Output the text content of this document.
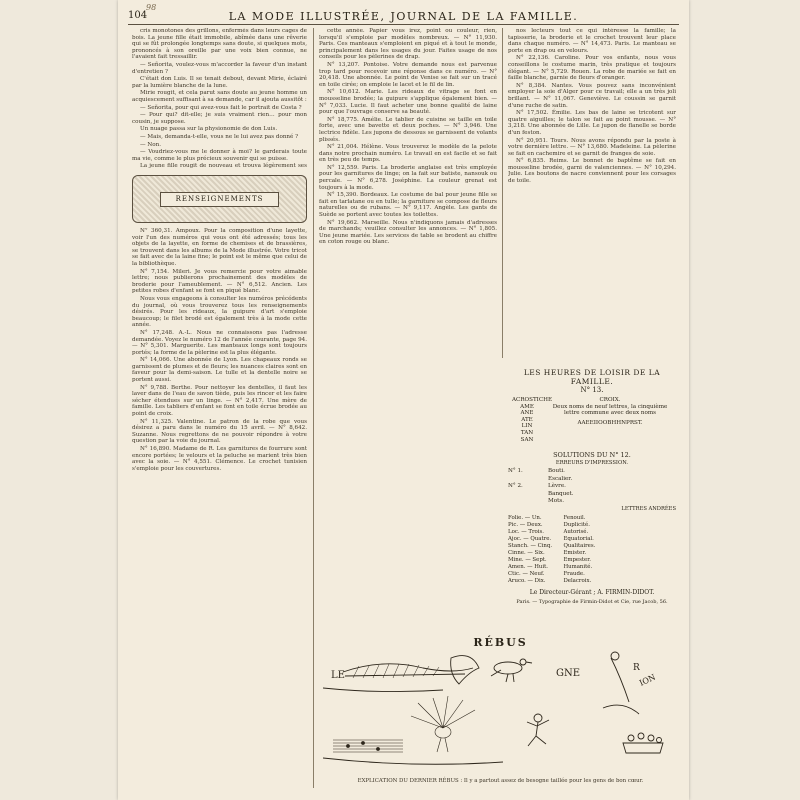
98
104	LA MODE ILLUSTRÉE, JOURNAL DE LA FAMILLE.

cris monotones des grillons, enfermés dans leurs cages de bois. La jeune fille était immobile, abîmée dans une rêverie qui se fût prolongée longtemps sans doute, si quelques mots, prononcés à son oreille par une voix bien connue, ne l'avaient fait tressaillir.

— Señorita, voulez-vous m'accorder la faveur d'un instant d'entretien ?

C'était don Luis. Il se tenait debout, devant Mirie, éclairé par la lumière blanche de la lune.

Mirie rougit, et cela parut sans doute au jeune homme un acquiescement suffisant à sa demande, car il ajouta aussitôt :

— Señorita, pour qui avez-vous fait le portrait de Costa ?

— Pour qui? dit-elle; je suis vraiment rien… pour mon cousin, je suppose.

Un nuage passa sur la physionomie de don Luis.

— Mais, demanda-t-elle, vous ne le lui avez pas donné ?

— Non.

— Voudriez-vous me le donner à moi? le garderais toute ma vie, comme le plus précieux souvenir qui se puisse.

La jeune fille rougit de nouveau et trouva légèrement ses

RENSEIGNEMENTS

N° 360,31. Ampoux. Pour la composition d'une layette, voir l'un des numéros qui vous ont été adressés; tous les objets de la layette, en forme de chemises et de brassières, se trouvent dans les albums de la Mode illustrée. Votre tricot se fait avec de la laine fine; le point est le même que celui de la bibliothèque.

N° 7,154. Mileri. Je vous remercie pour votre aimable lettre; nous publierons prochainement des modèles de broderie pour l'ameublement. — N° 6,512. Ancien. Les petites robes d'enfant se font en piqué blanc.

Nous vous engageons à consulter les numéros précédents du journal, où vous trouverez tous les renseignements désirés. Pour les rideaux, la guipure d'art s'emploie beaucoup; le filet brodé est également très à la mode cette année.

N° 17,248. A.-L. Nous ne connaissons pas l'adresse demandée. Voyez le numéro 12 de l'année courante, page 94. — N° 5,301. Marguerite. Les manteaux longs sont toujours portés; la forme de la pèlerine est la plus élégante.

N° 14,066. Une abonnée de Lyon. Les chapeaux ronds se garnissent de plumes et de fleurs; les nuances claires sont en faveur pour la demi-saison. Le tulle et la dentelle noire se portent aussi.

N° 9,788. Berthe. Pour nettoyer les dentelles, il faut les laver dans de l'eau de savon tiède, puis les rincer et les faire sécher étendues sur un linge. — N° 2,417. Une mère de famille. Les tabliers d'enfant se font en toile écrue brodée au point de croix.

N° 11,325. Valentine. Le patron de la robe que vous désirez a paru dans le numéro du 15 avril. — N° 8,642. Suzanne. Nous regrettons de ne pouvoir répondre à votre question par la voie du journal.

N° 16,890. Madame de R. Les garnitures de fourrure sont encore portées; le velours et la peluche se marient très bien avec la soie. — N° 4,551. Clémence. Le crochet tunisien s'emploie pour les couvertures.

cette année. Papier vous irez, point ou couleur, rien, lorsqu'il s'emploie par modèles nombreux. — N° 11,930. Paris. Ces manteaux s'emploient en piqué et à tout le monde, principalement dans les usages du jour. Faites usage de nos conseils pour les pèlerines de drap.

N° 13,207. Pontoise. Votre demande nous est parvenue trop tard pour recevoir une réponse dans ce numéro. — N° 20,418. Une abonnée. Le point de Venise se fait sur un tracé en toile cirée; on emploie le lacet et le fil de lin.

N° 10,612. Marie. Les rideaux de vitrage se font en mousseline brodée; la guipure s'applique également bien. — N° 7,033. Lucie. Il faut acheter une bonne qualité de laine pour que l'ouvrage conserve sa beauté.

N° 18,775. Amélie. Le tablier de cuisine se taille en toile forte, avec une bavette et deux poches. — N° 3,946. Une lectrice fidèle. Les jupons de dessous se garnissent de volants plissés.

N° 21,004. Hélène. Vous trouverez le modèle de la pelote dans notre prochain numéro. Le travail en est facile et se fait en très peu de temps.

N° 12,559. Paris. La broderie anglaise est très employée pour les garnitures de linge; on la fait sur batiste, nansouk ou percale. — N° 6,278. Joséphine. La couleur grenat est toujours à la mode.

N° 15,390. Bordeaux. Le costume de bal pour jeune fille se fait en tarlatane ou en tulle; la garniture se compose de fleurs naturelles ou de rubans. — N° 9,117. Angèle. Les gants de Suède se portent avec toutes les toilettes.

N° 19,662. Marseille. Nous n'indiquons jamais d'adresses de marchands; veuillez consulter les annonces. — N° 1,805. Une jeune mariée. Les services de table se brodent au chiffre en coton rouge ou blanc.

nos lecteurs tout ce qui intéresse la famille; la tapisserie, la broderie et le crochet trouvent leur place dans chaque numéro. — N° 14,473. Paris. Le manteau se porte en drap ou en velours.

N° 22,136. Caroline. Pour vos enfants, nous vous conseillons le costume marin, très pratique et toujours élégant. — N° 5,729. Rouen. La robe de mariée se fait en faille blanche, garnie de fleurs d'oranger.

N° 8,384. Nantes. Vous pouvez sans inconvénient employer la soie d'Alger pour ce travail; elle a un très joli brillant. — N° 11,067. Geneviève. Le coussin se garnit d'une ruche de satin.

N° 17,502. Émilie. Les bas de laine se tricotent sur quatre aiguilles; le talon se fait au point mousse. — N° 3,218. Une abonnée de Lille. Le jupon de flanelle se borde d'un feston.

N° 20,951. Tours. Nous avons répondu par la poste à votre dernière lettre. — N° 13,680. Madeleine. La pèlerine se fait en cachemire et se garnit de franges de soie.

N° 6,835. Reims. Le bonnet de baptême se fait en mousseline brodée, garni de valenciennes. — N° 10,294. Julie. Les boutons de nacre conviennent pour les corsages de toile.

LES HEURES DE LOISIR DE LA FAMILLE.
N° 13.
ACROSTICHE
AME
ANE
ATE
LIN
TAN
SAN
CROIX.
Deux noms de neuf lettres, la cinquième lettre commune avec deux noms
AAEEIIOOBHHNPRST.
SOLUTIONS DU N° 12.
ERREURS D'IMPRESSION.
N° 1.	Bouti. Escalier.
N° 2.	Lèvre. Banquet. Mots.
LETTRES ANDRÉES
Folie. — Un.	Fenouil.
Pic. — Deux.	Duplicité.
Loc. — Trois.	Autorisé.
Ajoc. — Quatre.	Equatorial.
Stanch. — Cinq.	Qualitaires.
Cinne. — Six.	Emister.
Mine. — Sept.	Empester.
Amen. — Huit.	Humanité.
Ctic. — Neuf.	Fraude.
Aruco. — Dix.	Delacroix.
Le Directeur-Gérant ; A. FIRMIN-DIDOT.
Paris. — Typographie de Firmin-Didot et Cie, rue Jacob, 56.
RÉBUS
LE	GNE	R
ION
EXPLICATION DU DERNIER RÉBUS : Il y a partout assez de besogne taillée pour les gens de bon cœur.
